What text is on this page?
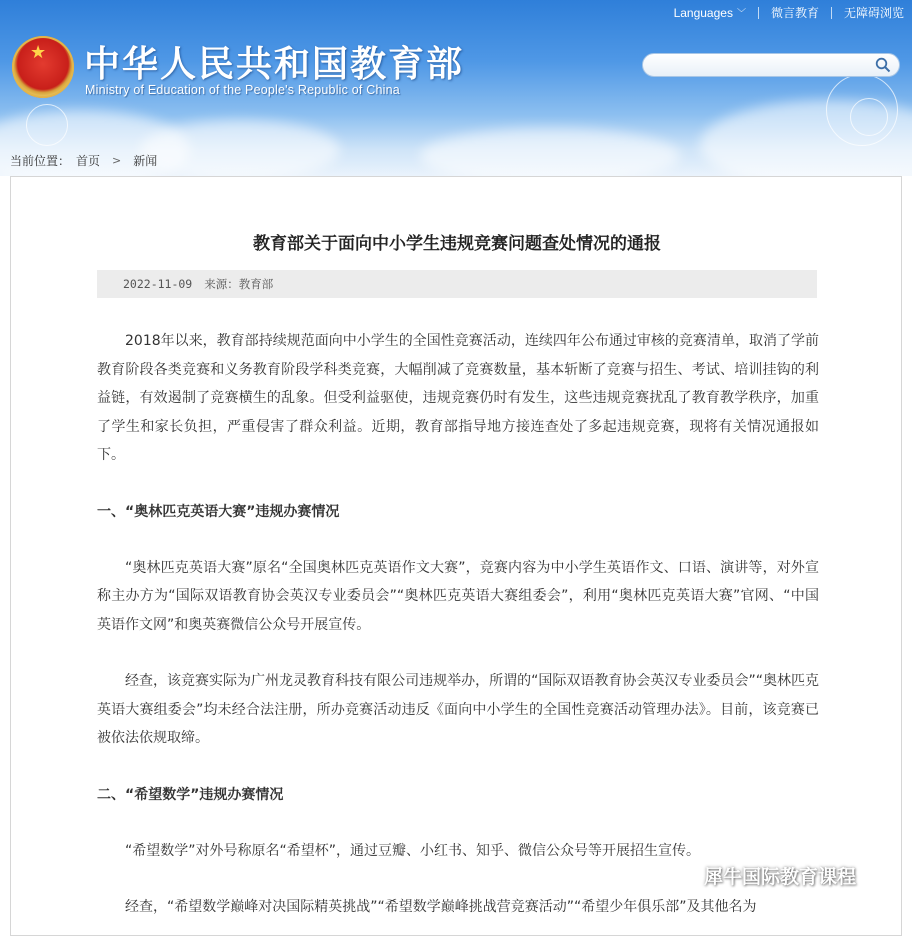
★ 中华人民共和国教育部
Ministry of Education of the People's Republic of China
Languages ﹀ 微言教育 无障碍浏览
当前位置： 首页 > 新闻
教育部关于面向中小学生违规竞赛问题查处情况的通报
2022-11-09 来源：教育部

2018年以来，教育部持续规范面向中小学生的全国性竞赛活动，连续四年公布通过审核的竞赛清单，取消了学前教育阶段各类竞赛和义务教育阶段学科类竞赛，大幅削减了竞赛数量，基本斩断了竞赛与招生、考试、培训挂钩的利益链，有效遏制了竞赛横生的乱象。但受利益驱使，违规竞赛仍时有发生，这些违规竞赛扰乱了教育教学秩序，加重了学生和家长负担，严重侵害了群众利益。近期，教育部指导地方接连查处了多起违规竞赛，现将有关情况通报如下。

一、“奥林匹克英语大赛”违规办赛情况

“奥林匹克英语大赛”原名“全国奥林匹克英语作文大赛”，竞赛内容为中小学生英语作文、口语、演讲等，对外宣称主办方为“国际双语教育协会英汉专业委员会”“奥林匹克英语大赛组委会”，利用“奥林匹克英语大赛”官网、“中国英语作文网”和奥英赛微信公众号开展宣传。

经查，该竞赛实际为广州龙灵教育科技有限公司违规举办，所谓的“国际双语教育协会英汉专业委员会”“奥林匹克英语大赛组委会”均未经合法注册，所办竞赛活动违反《面向中小学生的全国性竞赛活动管理办法》。目前，该竞赛已被依法依规取缔。

二、“希望数学”违规办赛情况

“希望数学”对外号称原名“希望杯”，通过豆瓣、小红书、知乎、微信公众号等开展招生宣传。

经查，“希望数学巅峰对决国际精英挑战”“希望数学巅峰挑战营竞赛活动”“希望少年俱乐部”及其他名为

犀牛国际教育课程
